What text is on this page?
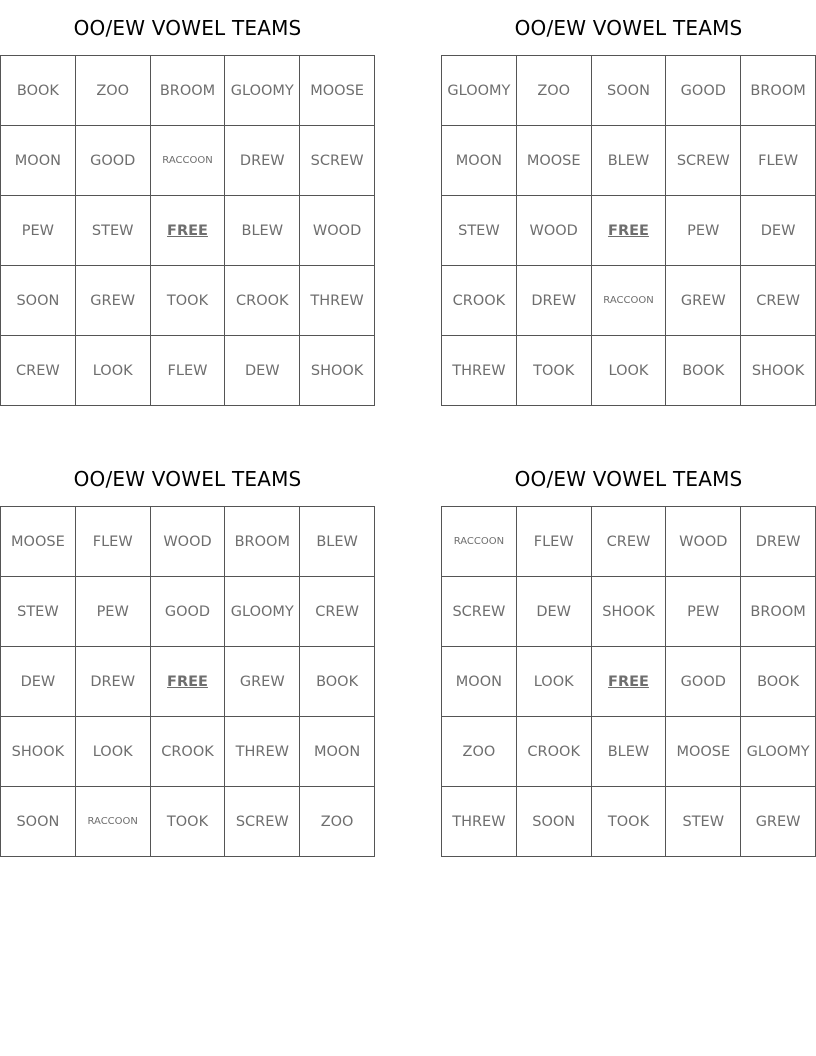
OO/EW VOWEL TEAMS
BOOK	ZOO	BROOM	GLOOMY	MOOSE
MOON	GOOD	RACCOON	DREW	SCREW
PEW	STEW	FREE	BLEW	WOOD
SOON	GREW	TOOK	CROOK	THREW
CREW	LOOK	FLEW	DEW	SHOOK
OO/EW VOWEL TEAMS
GLOOMY	ZOO	SOON	GOOD	BROOM
MOON	MOOSE	BLEW	SCREW	FLEW
STEW	WOOD	FREE	PEW	DEW
CROOK	DREW	RACCOON	GREW	CREW
THREW	TOOK	LOOK	BOOK	SHOOK
OO/EW VOWEL TEAMS
MOOSE	FLEW	WOOD	BROOM	BLEW
STEW	PEW	GOOD	GLOOMY	CREW
DEW	DREW	FREE	GREW	BOOK
SHOOK	LOOK	CROOK	THREW	MOON
SOON	RACCOON	TOOK	SCREW	ZOO
OO/EW VOWEL TEAMS
RACCOON	FLEW	CREW	WOOD	DREW
SCREW	DEW	SHOOK	PEW	BROOM
MOON	LOOK	FREE	GOOD	BOOK
ZOO	CROOK	BLEW	MOOSE	GLOOMY
THREW	SOON	TOOK	STEW	GREW
